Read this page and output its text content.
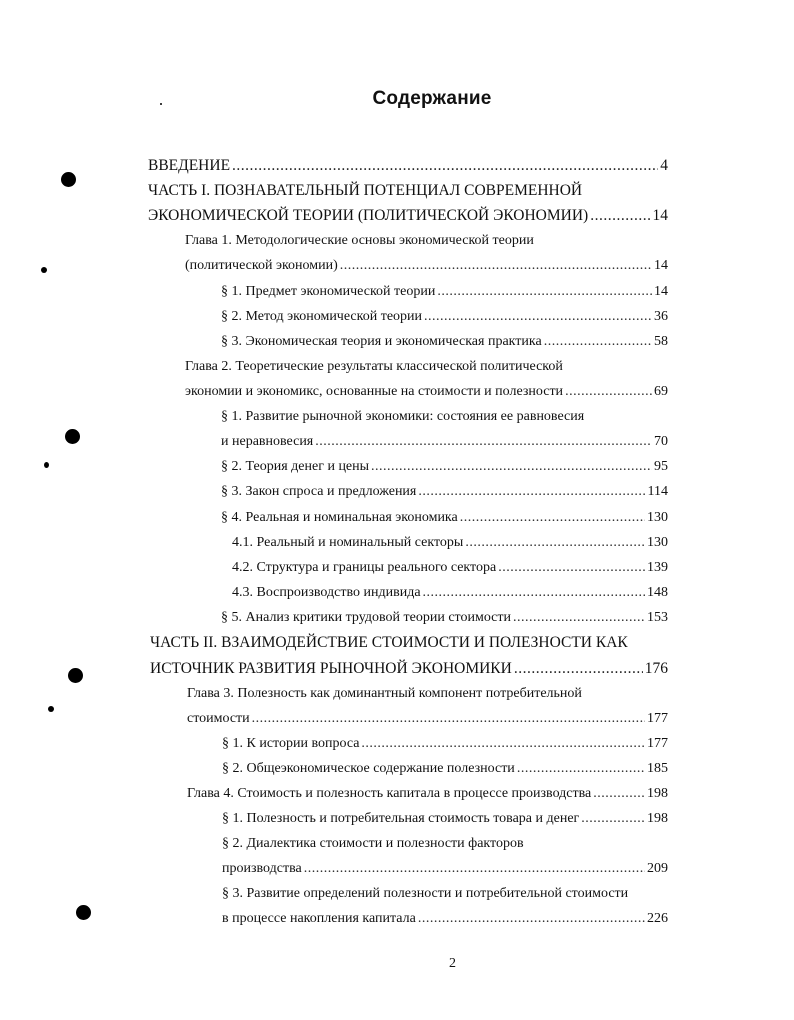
Содержание
ВВЕДЕНИЕ .....	4
ЧАСТЬ I. ПОЗНАВАТЕЛЬНЫЙ ПОТЕНЦИАЛ СОВРЕМЕННОЙ
ЭКОНОМИЧЕСКОЙ ТЕОРИИ (ПОЛИТИЧЕСКОЙ ЭКОНОМИИ) .....	14
Глава 1. Методологические основы экономической теории
(политической экономии) .....	14
§ 1. Предмет экономической теории .....	14
§ 2. Метод экономической теории .....	36
§ 3. Экономическая теория и экономическая практика .....	58
Глава 2. Теоретические результаты классической политической
экономии и экономикс, основанные на стоимости и полезности .....	69
§ 1. Развитие рыночной экономики: состояния ее равновесия
и неравновесия .....	70
§ 2. Теория денег и цены .....	95
§ 3. Закон спроса и предложения .....	114
§ 4. Реальная и номинальная экономика .....	130
4.1. Реальный и номинальный секторы .....	130
4.2. Структура и границы реального сектора .....	139
4.3. Воспроизводство индивида .....	148
§ 5. Анализ критики трудовой теории стоимости .....	153
ЧАСТЬ II. ВЗАИМОДЕЙСТВИЕ СТОИМОСТИ И ПОЛЕЗНОСТИ КАК
ИСТОЧНИК РАЗВИТИЯ РЫНОЧНОЙ ЭКОНОМИКИ .....	176
Глава 3. Полезность как доминантный компонент потребительной
стоимости .....	177
§ 1. К истории вопроса .....	177
§ 2. Общеэкономическое содержание полезности .....	185
Глава 4. Стоимость и полезность капитала в процессе производства .....	198
§ 1. Полезность и потребительная стоимость товара и денег .....	198
§ 2. Диалектика стоимости и полезности факторов
производства .....	209
§ 3. Развитие определений полезности и потребительной стоимости
в процессе накопления капитала .....	226
2
